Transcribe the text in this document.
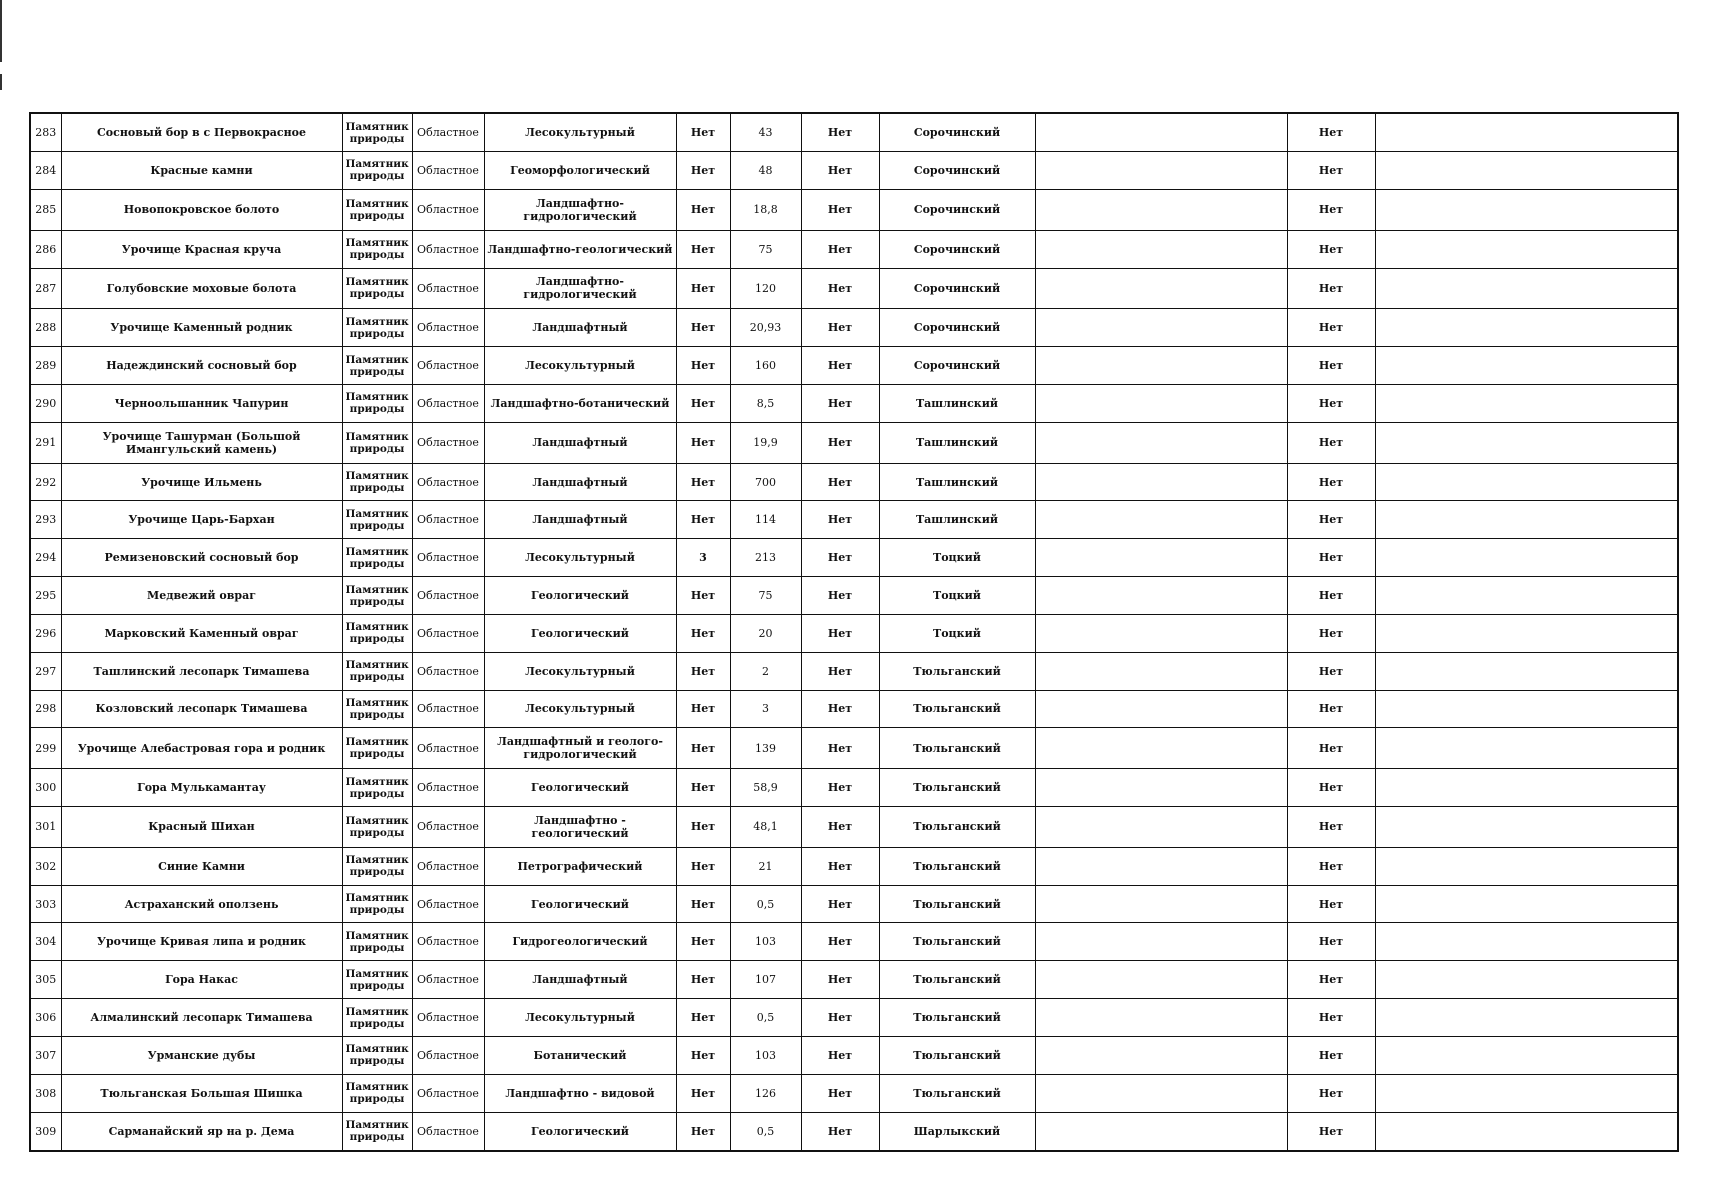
283	Сосновый бор в с Первокрасное	Памятник природы	Областное	Лесокультурный	Нет	43	Нет	Сорочинский		Нет	
284	Красные камни	Памятник природы	Областное	Геоморфологический	Нет	48	Нет	Сорочинский		Нет	
285	Новопокровское болото	Памятник природы	Областное	Ландшафтно-гидрологический	Нет	18,8	Нет	Сорочинский		Нет	
286	Урочище Красная круча	Памятник природы	Областное	Ландшафтно-геологический	Нет	75	Нет	Сорочинский		Нет	
287	Голубовские моховые болота	Памятник природы	Областное	Ландшафтно-гидрологический	Нет	120	Нет	Сорочинский		Нет	
288	Урочище Каменный родник	Памятник природы	Областное	Ландшафтный	Нет	20,93	Нет	Сорочинский		Нет	
289	Надеждинский сосновый бор	Памятник природы	Областное	Лесокультурный	Нет	160	Нет	Сорочинский		Нет	
290	Черноольшанник Чапурин	Памятник природы	Областное	Ландшафтно-ботанический	Нет	8,5	Нет	Ташлинский		Нет	
291	Урочище Ташурман (Большой Имангульский камень)	Памятник природы	Областное	Ландшафтный	Нет	19,9	Нет	Ташлинский		Нет	
292	Урочище Ильмень	Памятник природы	Областное	Ландшафтный	Нет	700	Нет	Ташлинский		Нет	
293	Урочище Царь-Бархан	Памятник природы	Областное	Ландшафтный	Нет	114	Нет	Ташлинский		Нет	
294	Ремизеновский сосновый бор	Памятник природы	Областное	Лесокультурный	3	213	Нет	Тоцкий		Нет	
295	Медвежий овраг	Памятник природы	Областное	Геологический	Нет	75	Нет	Тоцкий		Нет	
296	Марковский Каменный овраг	Памятник природы	Областное	Геологический	Нет	20	Нет	Тоцкий		Нет	
297	Ташлинский лесопарк Тимашева	Памятник природы	Областное	Лесокультурный	Нет	2	Нет	Тюльганский		Нет	
298	Козловский лесопарк Тимашева	Памятник природы	Областное	Лесокультурный	Нет	3	Нет	Тюльганский		Нет	
299	Урочище Алебастровая гора и родник	Памятник природы	Областное	Ландшафтный и геолого-гидрологический	Нет	139	Нет	Тюльганский		Нет	
300	Гора Мулькамантау	Памятник природы	Областное	Геологический	Нет	58,9	Нет	Тюльганский		Нет	
301	Красный Шихан	Памятник природы	Областное	Ландшафтно - геологический	Нет	48,1	Нет	Тюльганский		Нет	
302	Синие Камни	Памятник природы	Областное	Петрографический	Нет	21	Нет	Тюльганский		Нет	
303	Астраханский оползень	Памятник природы	Областное	Геологический	Нет	0,5	Нет	Тюльганский		Нет	
304	Урочище Кривая липа и родник	Памятник природы	Областное	Гидрогеологический	Нет	103	Нет	Тюльганский		Нет	
305	Гора Накас	Памятник природы	Областное	Ландшафтный	Нет	107	Нет	Тюльганский		Нет	
306	Алмалинский лесопарк Тимашева	Памятник природы	Областное	Лесокультурный	Нет	0,5	Нет	Тюльганский		Нет	
307	Урманские дубы	Памятник природы	Областное	Ботанический	Нет	103	Нет	Тюльганский		Нет	
308	Тюльганская Большая Шишка	Памятник природы	Областное	Ландшафтно - видовой	Нет	126	Нет	Тюльганский		Нет	
309	Сарманайский яр на р. Дема	Памятник природы	Областное	Геологический	Нет	0,5	Нет	Шарлыкский		Нет	
